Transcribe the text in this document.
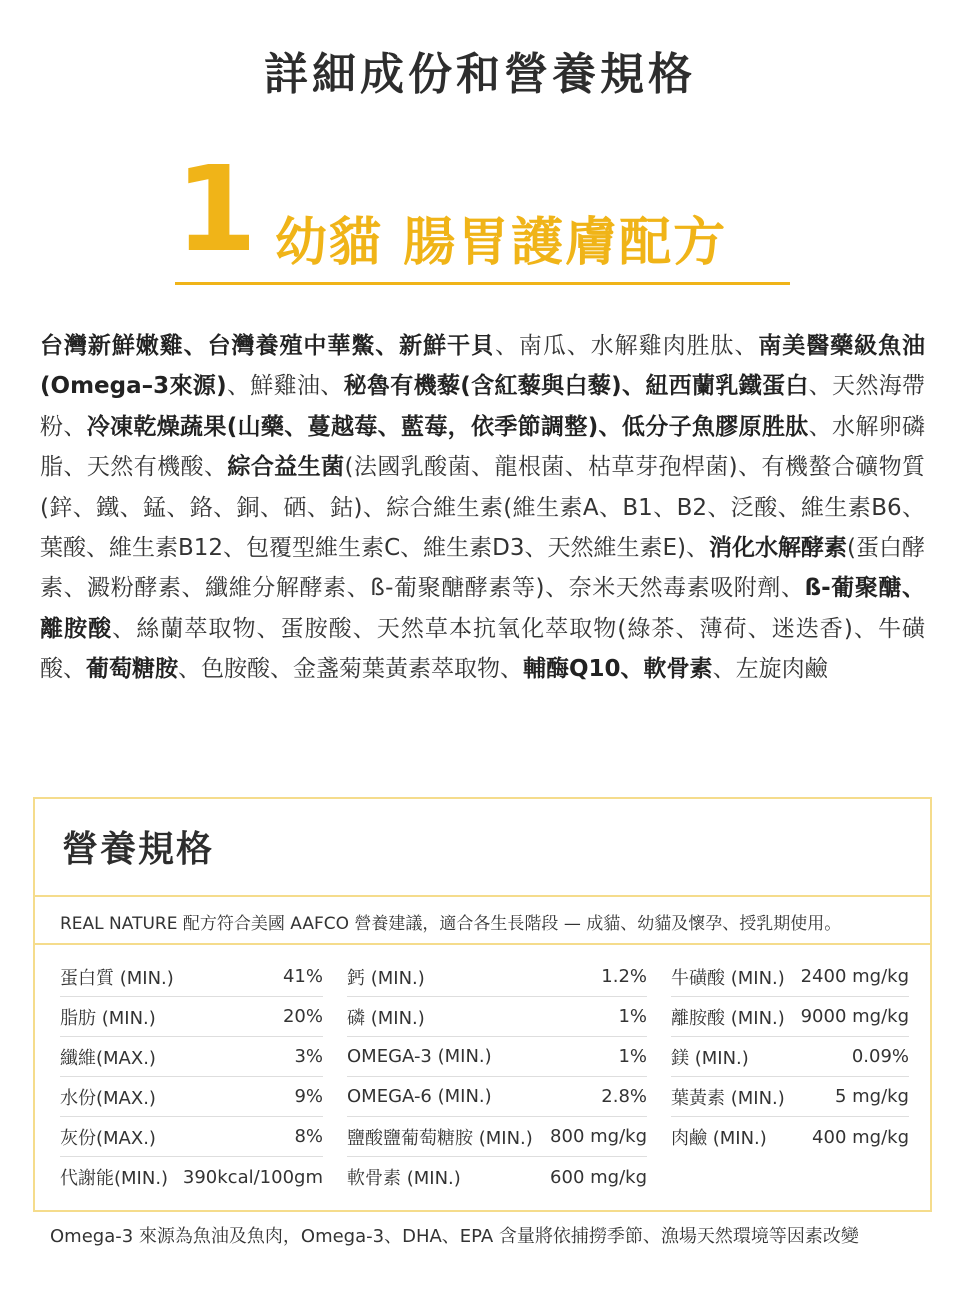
詳細成份和營養規格
1 幼貓 腸胃護膚配方
台灣新鮮嫩雞、台灣養殖中華鱉、新鮮干貝、南瓜、水解雞肉胜肽、南美醫藥級魚油(Omega–3來源)、鮮雞油、秘魯有機藜(含紅藜與白藜)、紐西蘭乳鐵蛋白、天然海帶粉、冷凍乾燥蔬果(山藥、蔓越莓、藍莓，依季節調整)、低分子魚膠原胜肽、水解卵磷脂、天然有機酸、綜合益生菌(法國乳酸菌、龍根菌、枯草芽孢桿菌)、有機螯合礦物質(鋅、鐵、錳、鉻、銅、硒、鈷)、綜合維生素(維生素A、B1、B2、泛酸、維生素B6、葉酸、維生素B12、包覆型維生素C、維生素D3、天然維生素E)、消化水解酵素(蛋白酵素、澱粉酵素、纖維分解酵素、ß-葡聚醣酵素等)、奈米天然毒素吸附劑、ß-葡聚醣、離胺酸、絲蘭萃取物、蛋胺酸、天然草本抗氧化萃取物(綠茶、薄荷、迷迭香)、牛磺酸、葡萄糖胺、色胺酸、金盞菊葉黃素萃取物、輔酶Q10、軟骨素、左旋肉鹼
營養規格
REAL NATURE 配方符合美國 AAFCO 營養建議，適合各生長階段 — 成貓、幼貓及懷孕、授乳期使用。
蛋白質 (MIN.)	41%
脂肪 (MIN.)	20%
纖維(MAX.)	3%
水份(MAX.)	9%
灰份(MAX.)	8%
代謝能(MIN.) 390kcal/100gm
鈣 (MIN.)	1.2%
磷 (MIN.)	1%
OMEGA-3 (MIN.)	1%
OMEGA-6 (MIN.)	2.8%
鹽酸鹽葡萄糖胺 (MIN.) 800 mg/kg
軟骨素 (MIN.)	600 mg/kg
牛磺酸 (MIN.) 2400 mg/kg
離胺酸 (MIN.) 9000 mg/kg
鎂 (MIN.)	0.09%
葉黃素 (MIN.)	5 mg/kg
肉鹼 (MIN.)	400 mg/kg
Omega-3 來源為魚油及魚肉，Omega-3、DHA、EPA 含量將依捕撈季節、漁場天然環境等因素改變
